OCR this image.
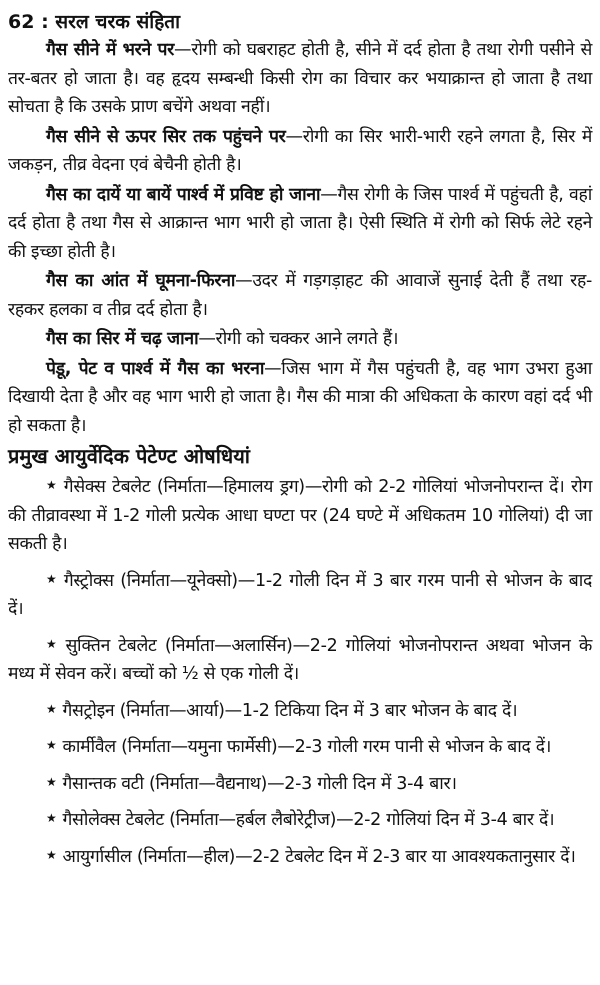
62 : सरल चरक संहिता

गैस सीने में भरने पर—रोगी को घबराहट होती है, सीने में दर्द होता है तथा रोगी पसीने से तर-बतर हो जाता है। वह हृदय सम्बन्धी किसी रोग का विचार कर भयाक्रान्त हो जाता है तथा सोचता है कि उसके प्राण बचेंगे अथवा नहीं।

गैस सीने से ऊपर सिर तक पहुंचने पर—रोगी का सिर भारी-भारी रहने लगता है, सिर में जकड़न, तीव्र वेदना एवं बेचैनी होती है।

गैस का दायें या बायें पार्श्व में प्रविष्ट हो जाना—गैस रोगी के जिस पार्श्व में पहुंचती है, वहां दर्द होता है तथा गैस से आक्रान्त भाग भारी हो जाता है। ऐसी स्थिति में रोगी को सिर्फ लेटे रहने की इच्छा होती है।

गैस का आंत में घूमना-फिरना—उदर में गड़गड़ाहट की आवाजें सुनाई देती हैं तथा रह-रहकर हलका व तीव्र दर्द होता है।

गैस का सिर में चढ़ जाना—रोगी को चक्कर आने लगते हैं।

पेडू, पेट व पार्श्व में गैस का भरना—जिस भाग में गैस पहुंचती है, वह भाग उभरा हुआ दिखायी देता है और वह भाग भारी हो जाता है। गैस की मात्रा की अधिकता के कारण वहां दर्द भी हो सकता है।

प्रमुख आयुर्वेदिक पेटेण्ट ओषधियां

★ गैसेक्स टेबलेट (निर्माता—हिमालय ड्रग)—रोगी को 2-2 गोलियां भोजनोपरान्त दें। रोग की तीव्रावस्था में 1-2 गोली प्रत्येक आधा घण्टा पर (24 घण्टे में अधिकतम 10 गोलियां) दी जा सकती है।

★ गैस्ट्रोक्स (निर्माता—यूनेक्सो)—1-2 गोली दिन में 3 बार गरम पानी से भोजन के बाद दें।

★ सुक्तिन टेबलेट (निर्माता—अलार्सिन)—2-2 गोलियां भोजनोपरान्त अथवा भोजन के मध्य में सेवन करें। बच्चों को ½ से एक गोली दें।

★ गैसट्रोइन (निर्माता—आर्या)—1-2 टिकिया दिन में 3 बार भोजन के बाद दें।

★ कार्मीवैल (निर्माता—यमुना फार्मेसी)—2-3 गोली गरम पानी से भोजन के बाद दें।

★ गैसान्तक वटी (निर्माता—वैद्यनाथ)—2-3 गोली दिन में 3-4 बार।

★ गैसोलेक्स टेबलेट (निर्माता—हर्बल लैबोरेट्रीज)—2-2 गोलियां दिन में 3-4 बार दें।

★ आयुर्गासील (निर्माता—हील)—2-2 टेबलेट दिन में 2-3 बार या आवश्यकतानुसार दें।
